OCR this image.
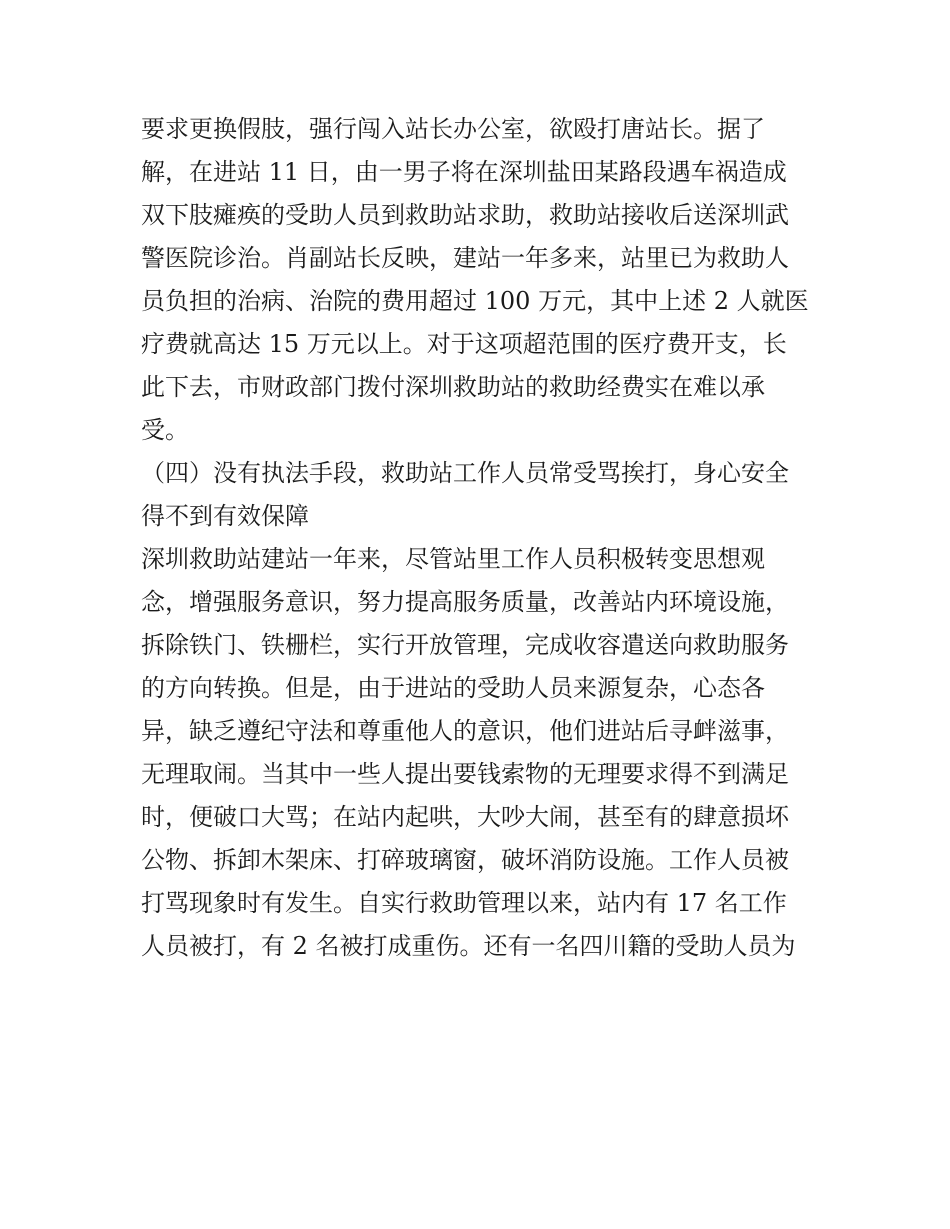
要求更换假肢，强行闯入站长办公室，欲殴打唐站长。据了

解，在进站 11 日，由一男子将在深圳盐田某路段遇车祸造成

双下肢瘫痪的受助人员到救助站求助，救助站接收后送深圳武

警医院诊治。肖副站长反映，建站一年多来，站里已为救助人

员负担的治病、治院的费用超过 100 万元，其中上述 2 人就医

疗费就高达 15 万元以上。对于这项超范围的医疗费开支，长

此下去，市财政部门拨付深圳救助站的救助经费实在难以承

受。

（四）没有执法手段，救助站工作人员常受骂挨打，身心安全

得不到有效保障

深圳救助站建站一年来，尽管站里工作人员积极转变思想观

念，增强服务意识，努力提高服务质量，改善站内环境设施，

拆除铁门、铁栅栏，实行开放管理，完成收容遣送向救助服务

的方向转换。但是，由于进站的受助人员来源复杂，心态各

异，缺乏遵纪守法和尊重他人的意识，他们进站后寻衅滋事，

无理取闹。当其中一些人提出要钱索物的无理要求得不到满足

时，便破口大骂；在站内起哄，大吵大闹，甚至有的肆意损坏

公物、拆卸木架床、打碎玻璃窗，破坏消防设施。工作人员被

打骂现象时有发生。自实行救助管理以来，站内有 17 名工作

人员被打，有 2 名被打成重伤。还有一名四川籍的受助人员为
